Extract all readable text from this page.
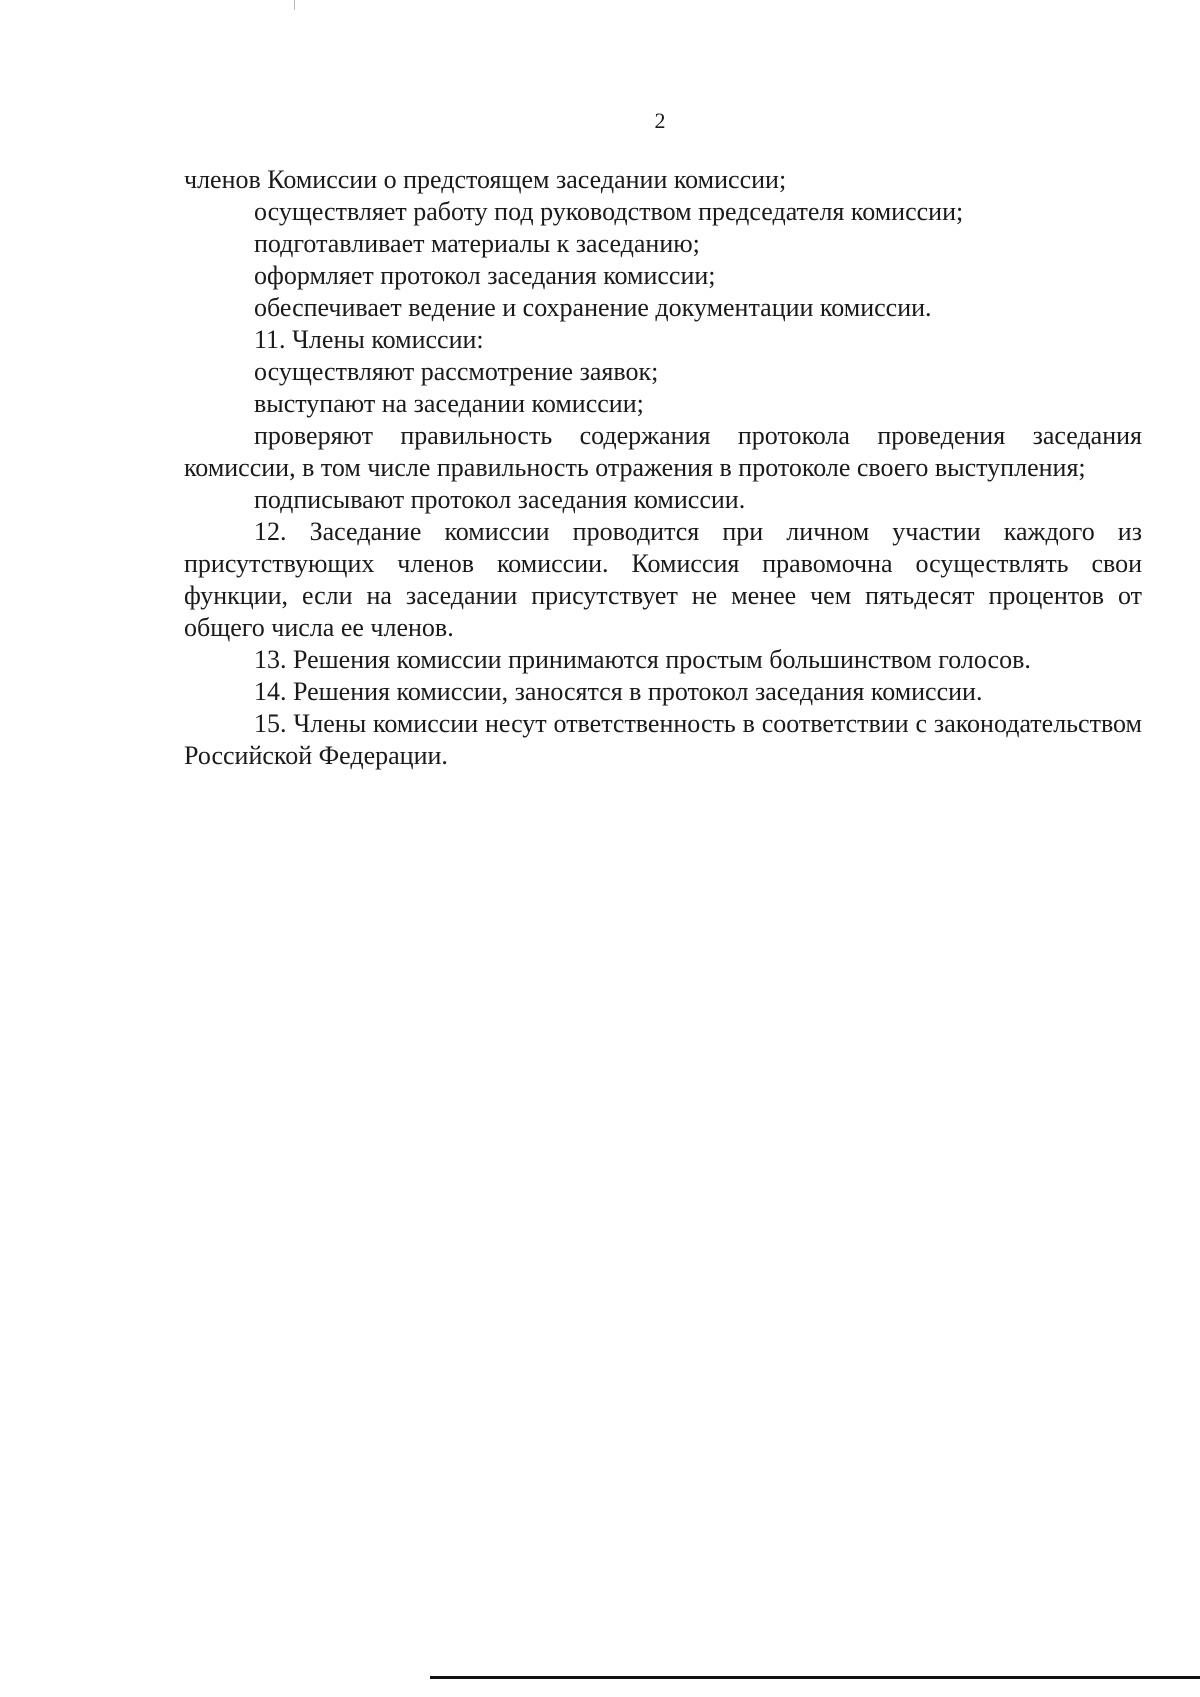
2

членов Комиссии о предстоящем заседании комиссии;

осуществляет работу под руководством председателя комиссии;

подготавливает материалы к заседанию;

оформляет протокол заседания комиссии;

обеспечивает ведение и сохранение документации комиссии.

11. Члены комиссии:

осуществляют рассмотрение заявок;

выступают на заседании комиссии;

проверяют правильность содержания протокола проведения заседания комиссии, в том числе правильность отражения в протоколе своего выступления;

подписывают протокол заседания комиссии.

12. Заседание комиссии проводится при личном участии каждого из присутствующих членов комиссии. Комиссия правомочна осуществлять свои функции, если на заседании присутствует не менее чем пятьдесят процентов от общего числа ее членов.

13. Решения комиссии принимаются простым большинством голосов.

14. Решения комиссии, заносятся в протокол заседания комиссии.

15. Члены комиссии несут ответственность в соответствии с законодательством Российской Федерации.
